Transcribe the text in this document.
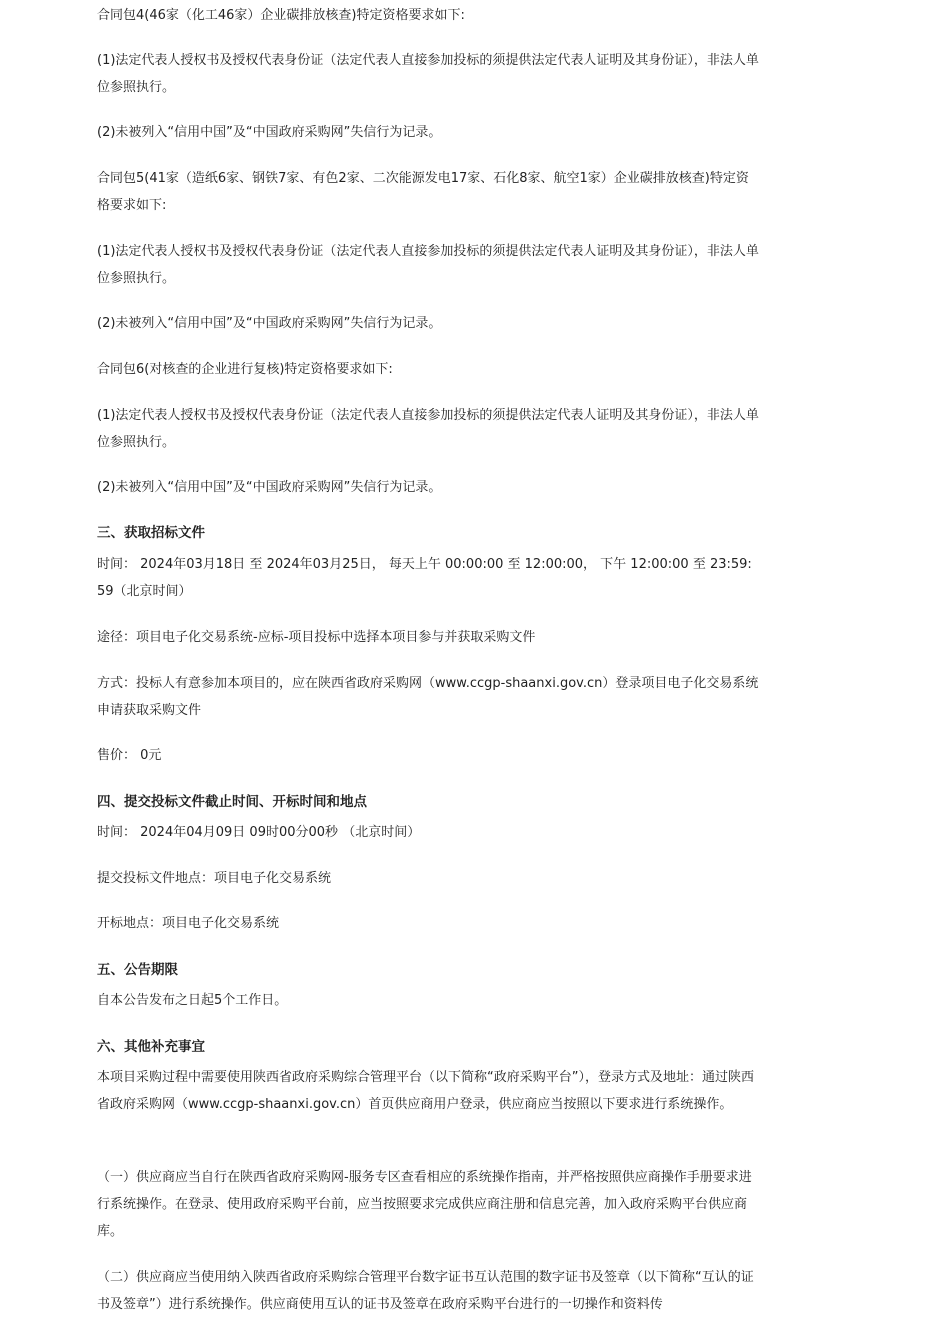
合同包4(46家（化工46家）企业碳排放核查)特定资格要求如下:

(1)法定代表人授权书及授权代表身份证（法定代表人直接参加投标的须提供法定代表人证明及其身份证），非法人单位参照执行。

(2)未被列入“信用中国”及“中国政府采购网”失信行为记录。

合同包5(41家（造纸6家、钢铁7家、有色2家、二次能源发电17家、石化8家、航空1家）企业碳排放核查)特定资格要求如下:

(1)法定代表人授权书及授权代表身份证（法定代表人直接参加投标的须提供法定代表人证明及其身份证），非法人单位参照执行。

(2)未被列入“信用中国”及“中国政府采购网”失信行为记录。

合同包6(对核查的企业进行复核)特定资格要求如下:

(1)法定代表人授权书及授权代表身份证（法定代表人直接参加投标的须提供法定代表人证明及其身份证），非法人单位参照执行。

(2)未被列入“信用中国”及“中国政府采购网”失信行为记录。

三、获取招标文件

时间： 2024年03月18日 至 2024年03月25日， 每天上午 00:00:00 至 12:00:00， 下午 12:00:00 至 23:59:59（北京时间）

途径：项目电子化交易系统-应标-项目投标中选择本项目参与并获取采购文件

方式：投标人有意参加本项目的，应在陕西省政府采购网（www.ccgp-shaanxi.gov.cn）登录项目电子化交易系统申请获取采购文件

售价： 0元

四、提交投标文件截止时间、开标时间和地点

时间： 2024年04月09日 09时00分00秒 （北京时间）

提交投标文件地点：项目电子化交易系统

开标地点：项目电子化交易系统

五、公告期限

自本公告发布之日起5个工作日。

六、其他补充事宜

本项目采购过程中需要使用陕西省政府采购综合管理平台（以下简称“政府采购平台”），登录方式及地址：通过陕西省政府采购网（www.ccgp-shaanxi.gov.cn）首页供应商用户登录，供应商应当按照以下要求进行系统操作。

（一）供应商应当自行在陕西省政府采购网-服务专区查看相应的系统操作指南，并严格按照供应商操作手册要求进行系统操作。在登录、使用政府采购平台前，应当按照要求完成供应商注册和信息完善，加入政府采购平台供应商库。

（二）供应商应当使用纳入陕西省政府采购综合管理平台数字证书互认范围的数字证书及签章（以下简称“互认的证书及签章”）进行系统操作。供应商使用互认的证书及签章在政府采购平台进行的一切操作和资料传
